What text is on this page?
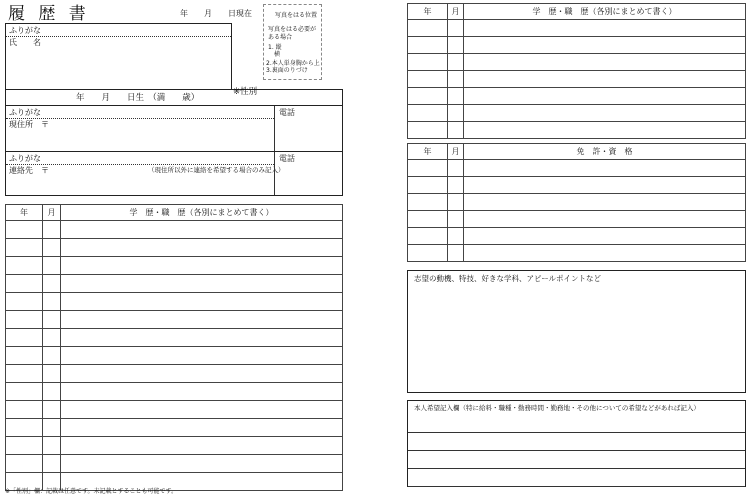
履 歴 書	年　　月　　日現在	写真をはる位置
写真をはる必要が
ある場合
1. 縦
　横
2.本人単身胸から上
3.裏面のりづけ
ふりがな
氏　　名
年　　月　　日生　（満　　歳）
※性別
ふりがな
現住所　〒
電話
ふりがな
連絡先　〒	（現住所以外に連絡を希望する場合のみ記入）
電話
年	月	学　歴・職　歴（各別にまとめて書く）

※「性別」欄：記載は任意です。未記載とすることも可能です。
年	月	学　歴・職　歴（各別にまとめて書く）

年	月	免　許・資　格

志望の動機、特技、好きな学科、アピールポイントなど
本人希望記入欄（特に給料・職種・勤務時間・勤務地・その他についての希望などがあれば記入）
